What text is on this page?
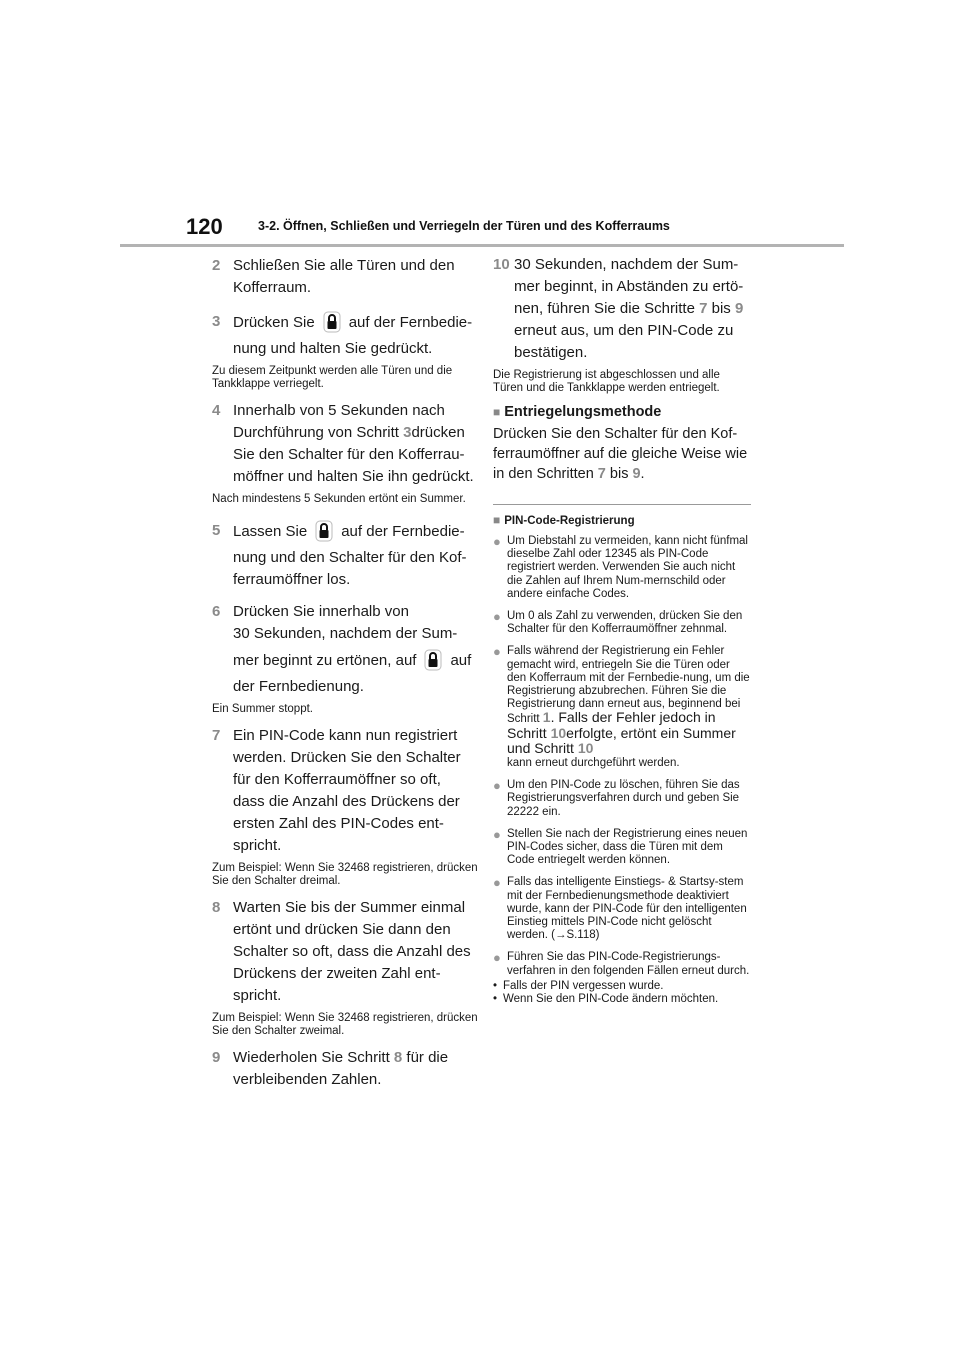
120	3-2. Öffnen, Schließen und Verriegeln der Türen und des Kofferraums
2 Schließen Sie alle Türen und den
Kofferraum.
3 Drücken Sie auf der Fernbedie-
nung und halten Sie gedrückt.
Zu diesem Zeitpunkt werden alle Türen und die Tankklappe verriegelt.
4 Innerhalb von 5 Sekunden nach
Durchführung von Schritt 3drücken
Sie den Schalter für den Kofferrau-
möffner und halten Sie ihn gedrückt.
Nach mindestens 5 Sekunden ertönt ein Summer.
5 Lassen Sie auf der Fernbedie-
nung und den Schalter für den Kof-
ferraumöffner los.
6 Drücken Sie innerhalb von
30 Sekunden, nachdem der Sum-
mer beginnt zu ertönen, auf auf
der Fernbedienung.
Ein Summer stoppt.
7 Ein PIN-Code kann nun registriert
werden. Drücken Sie den Schalter
für den Kofferraumöffner so oft,
dass die Anzahl des Drückens der
ersten Zahl des PIN-Codes ent-
spricht.
Zum Beispiel: Wenn Sie 32468 registrieren, drücken Sie den Schalter dreimal.
8 Warten Sie bis der Summer einmal
ertönt und drücken Sie dann den
Schalter so oft, dass die Anzahl des
Drückens der zweiten Zahl ent-
spricht.
Zum Beispiel: Wenn Sie 32468 registrieren, drücken Sie den Schalter zweimal.
9 Wiederholen Sie Schritt 8 für die
verbleibenden Zahlen.
10 30 Sekunden, nachdem der Sum-
mer beginnt, in Abständen zu ertö-
nen, führen Sie die Schritte 7 bis 9
erneut aus, um den PIN-Code zu
bestätigen.
Die Registrierung ist abgeschlossen und alle Türen und die Tankklappe werden entriegelt.
■ Entriegelungsmethode

Drücken Sie den Schalter für den Kof-ferraumöffner auf die gleiche Weise wie in den Schritten 7 bis 9.

■ PIN-Code-Registrierung
● Um Diebstahl zu vermeiden, kann nicht fünfmal dieselbe Zahl oder 12345 als PIN-Code registriert werden. Verwenden Sie auch nicht die Zahlen auf Ihrem Num-mernschild oder andere einfache Codes.
● Um 0 als Zahl zu verwenden, drücken Sie den Schalter für den Kofferraumöffner zehnmal.
● Falls während der Registrierung ein Fehler gemacht wird, entriegeln Sie die Türen oder den Kofferraum mit der Fernbedie-nung, um die Registrierung abzubrechen. Führen Sie die Registrierung dann erneut aus, beginnend bei Schritt 1. Falls der Fehler jedoch in Schritt 10erfolgte, ertönt ein Summer und Schritt 10
kann erneut durchgeführt werden.
● Um den PIN-Code zu löschen, führen Sie das Registrierungsverfahren durch und geben Sie 22222 ein.
● Stellen Sie nach der Registrierung eines neuen PIN-Codes sicher, dass die Türen mit dem Code entriegelt werden können.
● Falls das intelligente Einstiegs- & Startsy-stem mit der Fernbedienungsmethode deaktiviert wurde, kann der PIN-Code für den intelligenten Einstieg mittels PIN-Code nicht gelöscht werden. (→S.118)
● Führen Sie das PIN-Code-Registrierungs-verfahren in den folgenden Fällen erneut durch.
• Falls der PIN vergessen wurde.
• Wenn Sie den PIN-Code ändern möchten.
